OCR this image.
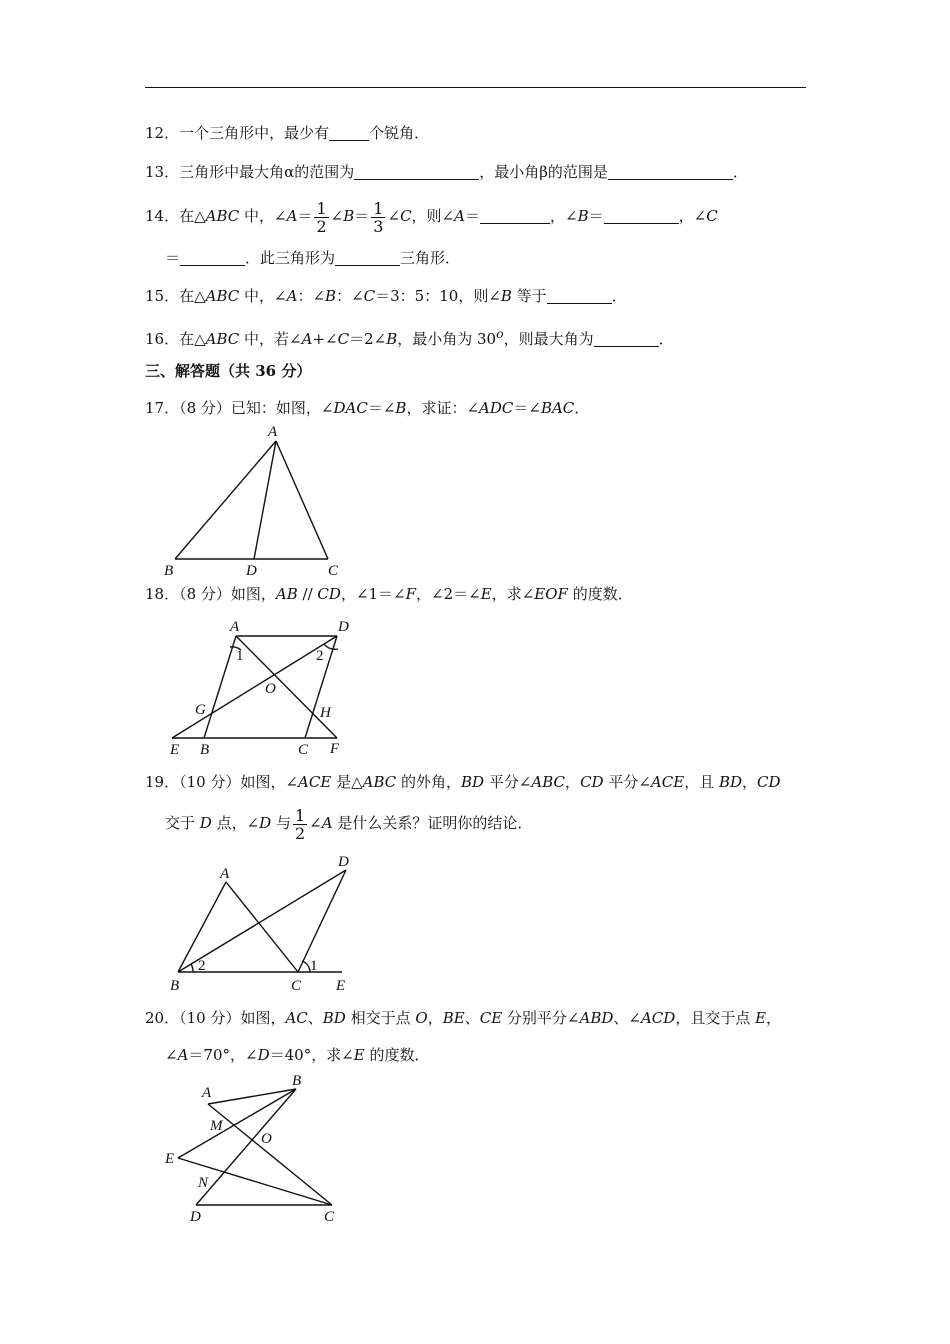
12．一个三角形中，最少有	个锐角．
13．三角形中最大角α的范围为	，最小角β的范围是	．
14．在△ABC 中，∠A＝ $\frac{1}{2}$ ∠B＝ $\frac{1}{3}$ ∠C，则∠A＝	，∠B＝	，∠C
＝	．此三角形为	三角形．
15．在△ABC 中，∠A：∠B：∠C＝3：5：10，则∠B 等于	．
16．在△ABC 中，若∠A+∠C＝2∠B，最小角为 30$^o$，则最大角为	．
三、解答题（共 36 分）
17．（8 分）已知：如图，∠DAC＝∠B，求证：∠ADC＝∠BAC．
A
B	D	C
18．（8 分）如图，AB // CD，∠1＝∠F，∠2＝∠E，求∠EOF 的度数．
A	D
1	2
O
G	H
E B	C F
19．（10 分）如图，∠ACE 是△ABC 的外角，BD 平分∠ABC，CD 平分∠ACE，且 BD，CD
交于 D 点，∠D 与 $\frac{1}{2}$ ∠A 是什么关系？证明你的结论．
A
D
2	1
B	C E
20．（10 分）如图，AC、BD 相交于点 O，BE、CE 分别平分∠ABD、∠ACD，且交于点 E，
∠A＝70°，∠D＝40°，求∠E 的度数．
A
B
M
O
E
N
D	C
